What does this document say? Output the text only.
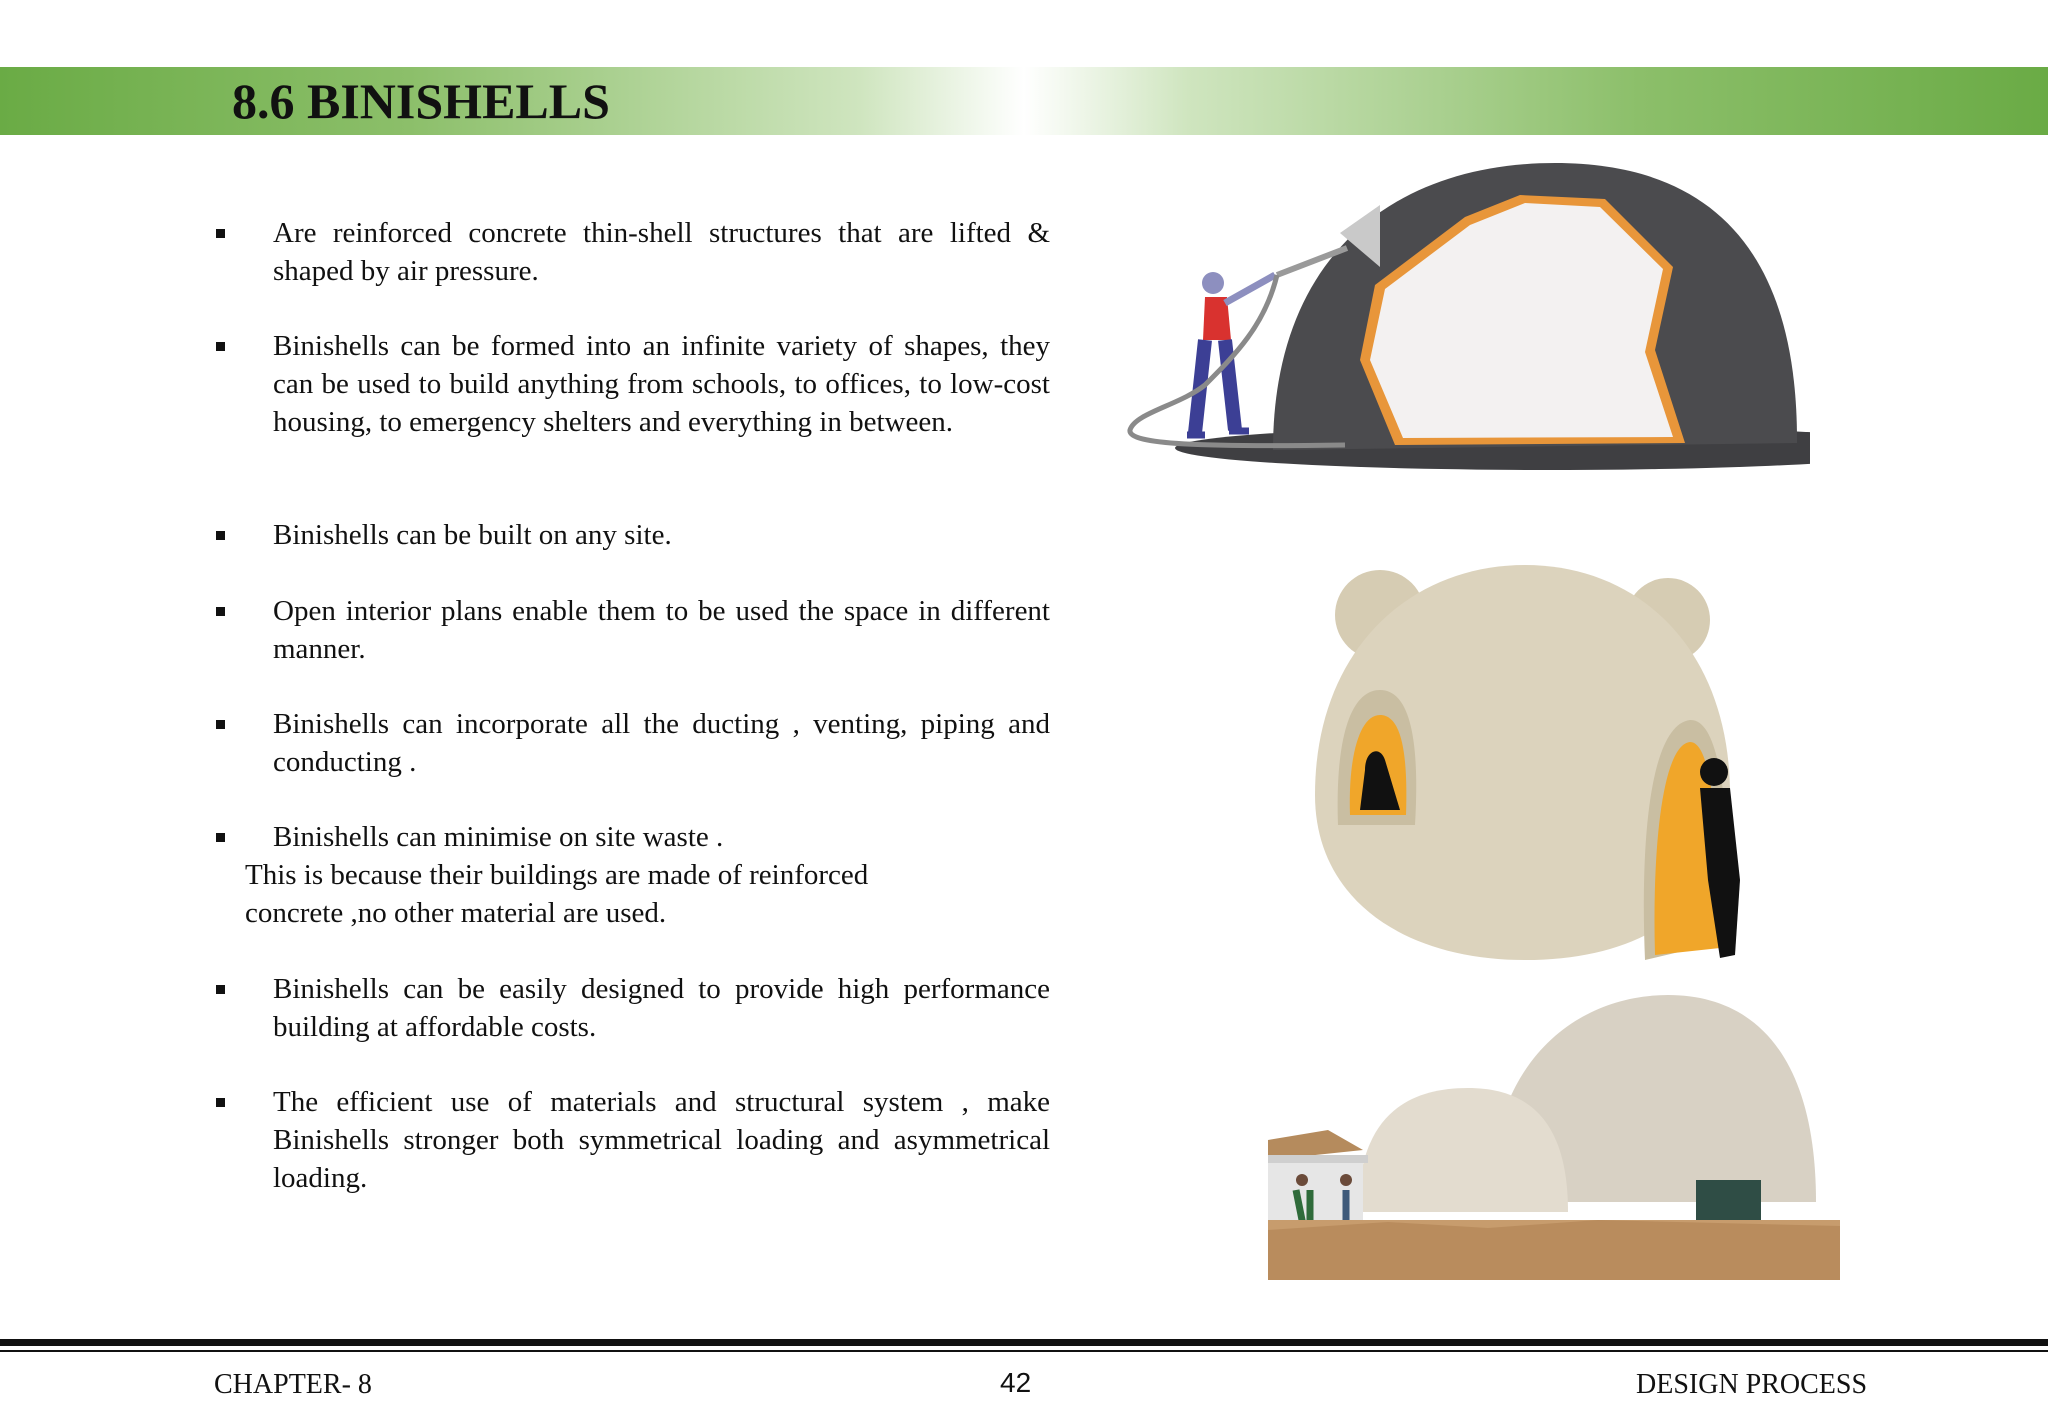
8.6 BINISHELLS
Are reinforced concrete thin-shell structures that are lifted & shaped by air pressure.
Binishells can be formed into an infinite variety of shapes, they can be used to build anything from schools, to offices, to low-cost housing, to emergency shelters and everything in between.
Binishells can be built on any site.
Open interior plans enable them to be used the space in different manner.
Binishells can incorporate all the ducting , venting, piping and conducting .
Binishells can minimise on site waste .
This is because their buildings are made of reinforced concrete ,no other material are used.
Binishells can be easily designed to provide high performance building at affordable costs.
The efficient use of materials and structural system , make Binishells stronger both symmetrical loading and asymmetrical loading.
CHAPTER- 8	42	DESIGN PROCESS
